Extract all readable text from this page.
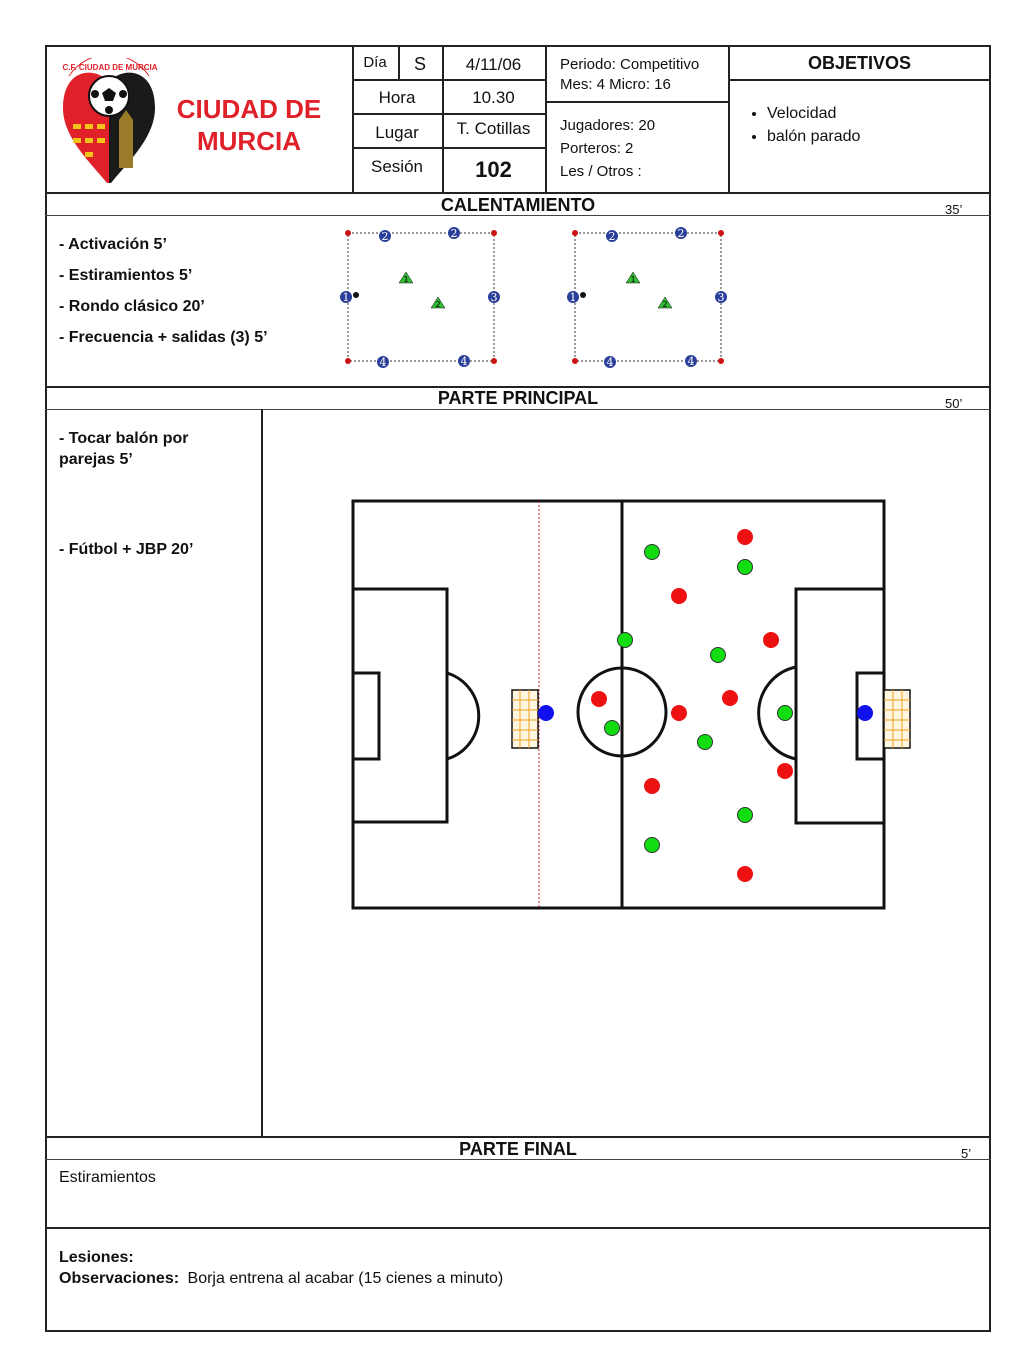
C.F. CIUDAD DE MURCIA
CIUDAD DE
MURCIA
Día	S	4/11/06
Hora	10.30
Lugar	T. Cotillas
Sesión	102
Periodo: Competitivo
Mes: 4 Micro: 16
Jugadores: 20
Porteros: 2
Les / Otros :
OBJETIVOS
• Velocidad
• balón parado
CALENTAMIENTO	35’
- Activación 5’
- Estiramientos 5’
- Rondo clásico 20’
- Frecuencia + salidas (3) 5’
2	2
1	3
4	4
1
2
2	2
1	3
4	4
1
2
PARTE PRINCIPAL	50’
- Tocar balón por
parejas 5’
- Fútbol + JBP 20’
PARTE FINAL	5’
Estiramientos
Lesiones:
Observaciones: Borja entrena al acabar (15 cienes a minuto)
